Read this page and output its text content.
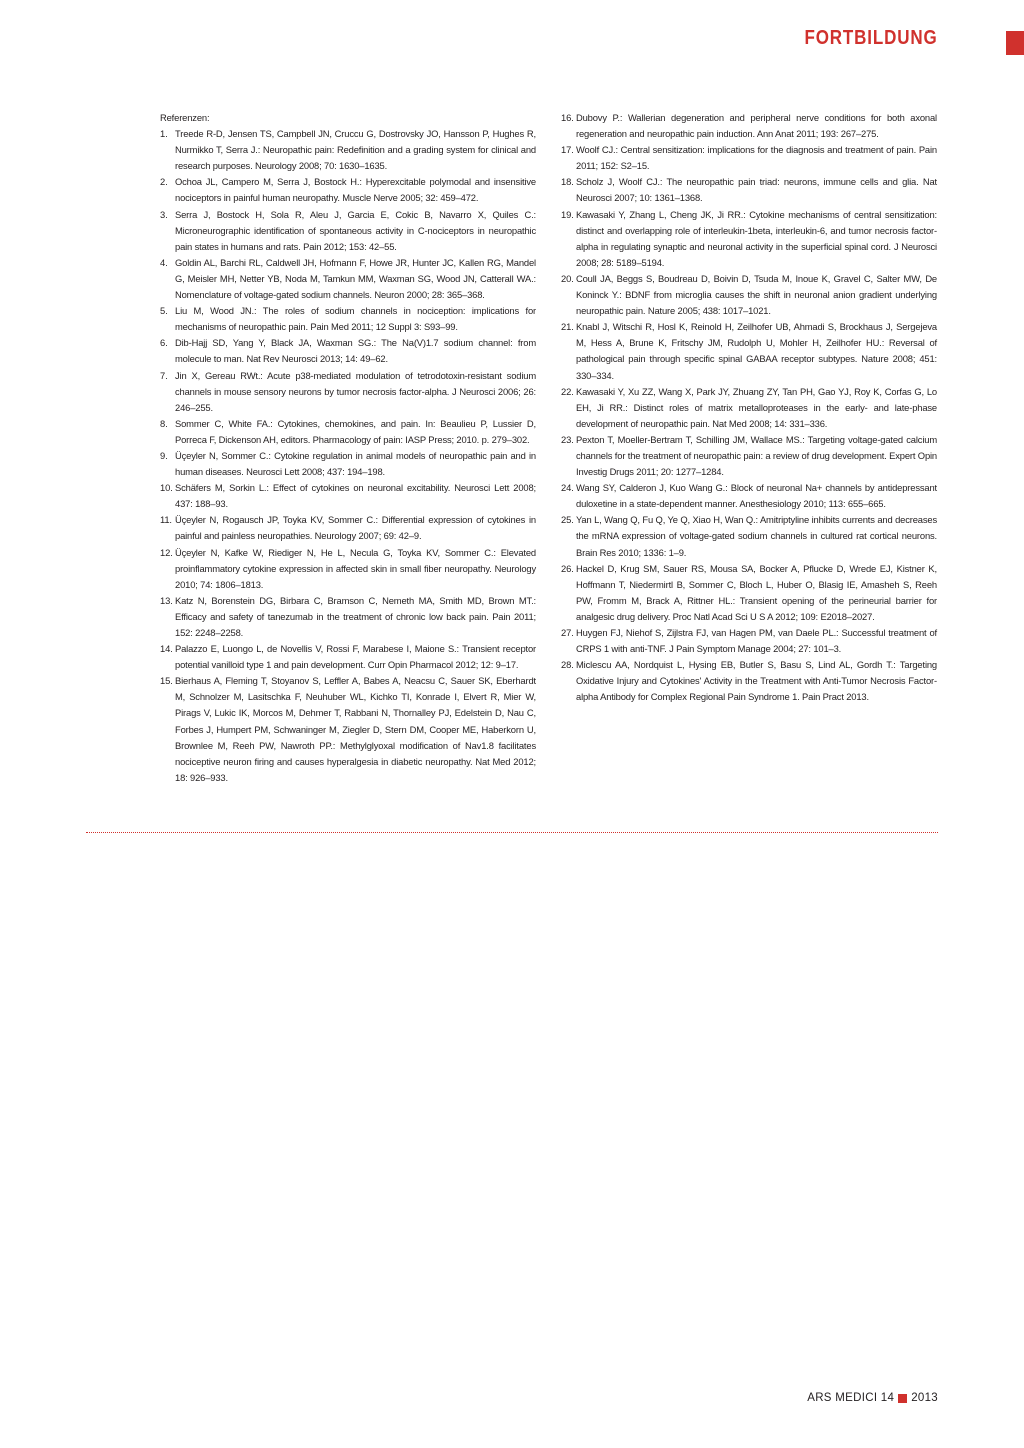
FORTBILDUNG
Referenzen:
1. Treede R-D, Jensen TS, Campbell JN, Cruccu G, Dostrovsky JO, Hansson P, Hughes R, Nurmikko T, Serra J.: Neuropathic pain: Redefinition and a grading system for clinical and research purposes. Neurology 2008; 70: 1630–1635.
2. Ochoa JL, Campero M, Serra J, Bostock H.: Hyperexcitable polymodal and insensitive nociceptors in painful human neuropathy. Muscle Nerve 2005; 32: 459–472.
3. Serra J, Bostock H, Sola R, Aleu J, Garcia E, Cokic B, Navarro X, Quiles C.: Microneurographic identification of spontaneous activity in C-nociceptors in neuropathic pain states in humans and rats. Pain 2012; 153: 42–55.
4. Goldin AL, Barchi RL, Caldwell JH, Hofmann F, Howe JR, Hunter JC, Kallen RG, Mandel G, Meisler MH, Netter YB, Noda M, Tamkun MM, Waxman SG, Wood JN, Catterall WA.: Nomenclature of voltage-gated sodium channels. Neuron 2000; 28: 365–368.
5. Liu M, Wood JN.: The roles of sodium channels in nociception: implications for mechanisms of neuropathic pain. Pain Med 2011; 12 Suppl 3: S93–99.
6. Dib-Hajj SD, Yang Y, Black JA, Waxman SG.: The Na(V)1.7 sodium channel: from molecule to man. Nat Rev Neurosci 2013; 14: 49–62.
7. Jin X, Gereau RWt.: Acute p38-mediated modulation of tetrodotoxin-resistant sodium channels in mouse sensory neurons by tumor necrosis factor-alpha. J Neurosci 2006; 26: 246–255.
8. Sommer C, White FA.: Cytokines, chemokines, and pain. In: Beaulieu P, Lussier D, Porreca F, Dickenson AH, editors. Pharmacology of pain: IASP Press; 2010. p. 279–302.
9. Üçeyler N, Sommer C.: Cytokine regulation in animal models of neuropathic pain and in human diseases. Neurosci Lett 2008; 437: 194–198.
10. Schäfers M, Sorkin L.: Effect of cytokines on neuronal excitability. Neurosci Lett 2008; 437: 188–93.
11. Üçeyler N, Rogausch JP, Toyka KV, Sommer C.: Differential expression of cytokines in painful and painless neuropathies. Neurology 2007; 69: 42–9.
12. Üçeyler N, Kafke W, Riediger N, He L, Necula G, Toyka KV, Sommer C.: Elevated proinflammatory cytokine expression in affected skin in small fiber neuropathy. Neurology 2010; 74: 1806–1813.
13. Katz N, Borenstein DG, Birbara C, Bramson C, Nemeth MA, Smith MD, Brown MT.: Efficacy and safety of tanezumab in the treatment of chronic low back pain. Pain 2011; 152: 2248–2258.
14. Palazzo E, Luongo L, de Novellis V, Rossi F, Marabese I, Maione S.: Transient receptor potential vanilloid type 1 and pain development. Curr Opin Pharmacol 2012; 12: 9–17.
15. Bierhaus A, Fleming T, Stoyanov S, Leffler A, Babes A, Neacsu C, Sauer SK, Eberhardt M, Schnolzer M, Lasitschka F, Neuhuber WL, Kichko TI, Konrade I, Elvert R, Mier W, Pirags V, Lukic IK, Morcos M, Dehmer T, Rabbani N, Thornalley PJ, Edelstein D, Nau C, Forbes J, Humpert PM, Schwaninger M, Ziegler D, Stern DM, Cooper ME, Haberkorn U, Brownlee M, Reeh PW, Nawroth PP.: Methylglyoxal modification of Nav1.8 facilitates nociceptive neuron firing and causes hyperalgesia in diabetic neuropathy. Nat Med 2012; 18: 926–933.
16. Dubovy P.: Wallerian degeneration and peripheral nerve conditions for both axonal regeneration and neuropathic pain induction. Ann Anat 2011; 193: 267–275.
17. Woolf CJ.: Central sensitization: implications for the diagnosis and treatment of pain. Pain 2011; 152: S2–15.
18. Scholz J, Woolf CJ.: The neuropathic pain triad: neurons, immune cells and glia. Nat Neurosci 2007; 10: 1361–1368.
19. Kawasaki Y, Zhang L, Cheng JK, Ji RR.: Cytokine mechanisms of central sensitization: distinct and overlapping role of interleukin-1beta, interleukin-6, and tumor necrosis factor-alpha in regulating synaptic and neuronal activity in the superficial spinal cord. J Neurosci 2008; 28: 5189–5194.
20. Coull JA, Beggs S, Boudreau D, Boivin D, Tsuda M, Inoue K, Gravel C, Salter MW, De Koninck Y.: BDNF from microglia causes the shift in neuronal anion gradient underlying neuropathic pain. Nature 2005; 438: 1017–1021.
21. Knabl J, Witschi R, Hosl K, Reinold H, Zeilhofer UB, Ahmadi S, Brockhaus J, Sergejeva M, Hess A, Brune K, Fritschy JM, Rudolph U, Mohler H, Zeilhofer HU.: Reversal of pathological pain through specific spinal GABAA receptor subtypes. Nature 2008; 451: 330–334.
22. Kawasaki Y, Xu ZZ, Wang X, Park JY, Zhuang ZY, Tan PH, Gao YJ, Roy K, Corfas G, Lo EH, Ji RR.: Distinct roles of matrix metalloproteases in the early- and late-phase development of neuropathic pain. Nat Med 2008; 14: 331–336.
23. Pexton T, Moeller-Bertram T, Schilling JM, Wallace MS.: Targeting voltage-gated calcium channels for the treatment of neuropathic pain: a review of drug development. Expert Opin Investig Drugs 2011; 20: 1277–1284.
24. Wang SY, Calderon J, Kuo Wang G.: Block of neuronal Na+ channels by antidepressant duloxetine in a state-dependent manner. Anesthesiology 2010; 113: 655–665.
25. Yan L, Wang Q, Fu Q, Ye Q, Xiao H, Wan Q.: Amitriptyline inhibits currents and decreases the mRNA expression of voltage-gated sodium channels in cultured rat cortical neurons. Brain Res 2010; 1336: 1–9.
26. Hackel D, Krug SM, Sauer RS, Mousa SA, Bocker A, Pflucke D, Wrede EJ, Kistner K, Hoffmann T, Niedermirtl B, Sommer C, Bloch L, Huber O, Blasig IE, Amasheh S, Reeh PW, Fromm M, Brack A, Rittner HL.: Transient opening of the perineurial barrier for analgesic drug delivery. Proc Natl Acad Sci U S A 2012; 109: E2018–2027.
27. Huygen FJ, Niehof S, Zijlstra FJ, van Hagen PM, van Daele PL.: Successful treatment of CRPS 1 with anti-TNF. J Pain Symptom Manage 2004; 27: 101–3.
28. Miclescu AA, Nordquist L, Hysing EB, Butler S, Basu S, Lind AL, Gordh T.: Targeting Oxidative Injury and Cytokines' Activity in the Treatment with Anti-Tumor Necrosis Factor-alpha Antibody for Complex Regional Pain Syndrome 1. Pain Pract 2013.
ARS MEDICI 14 2013
